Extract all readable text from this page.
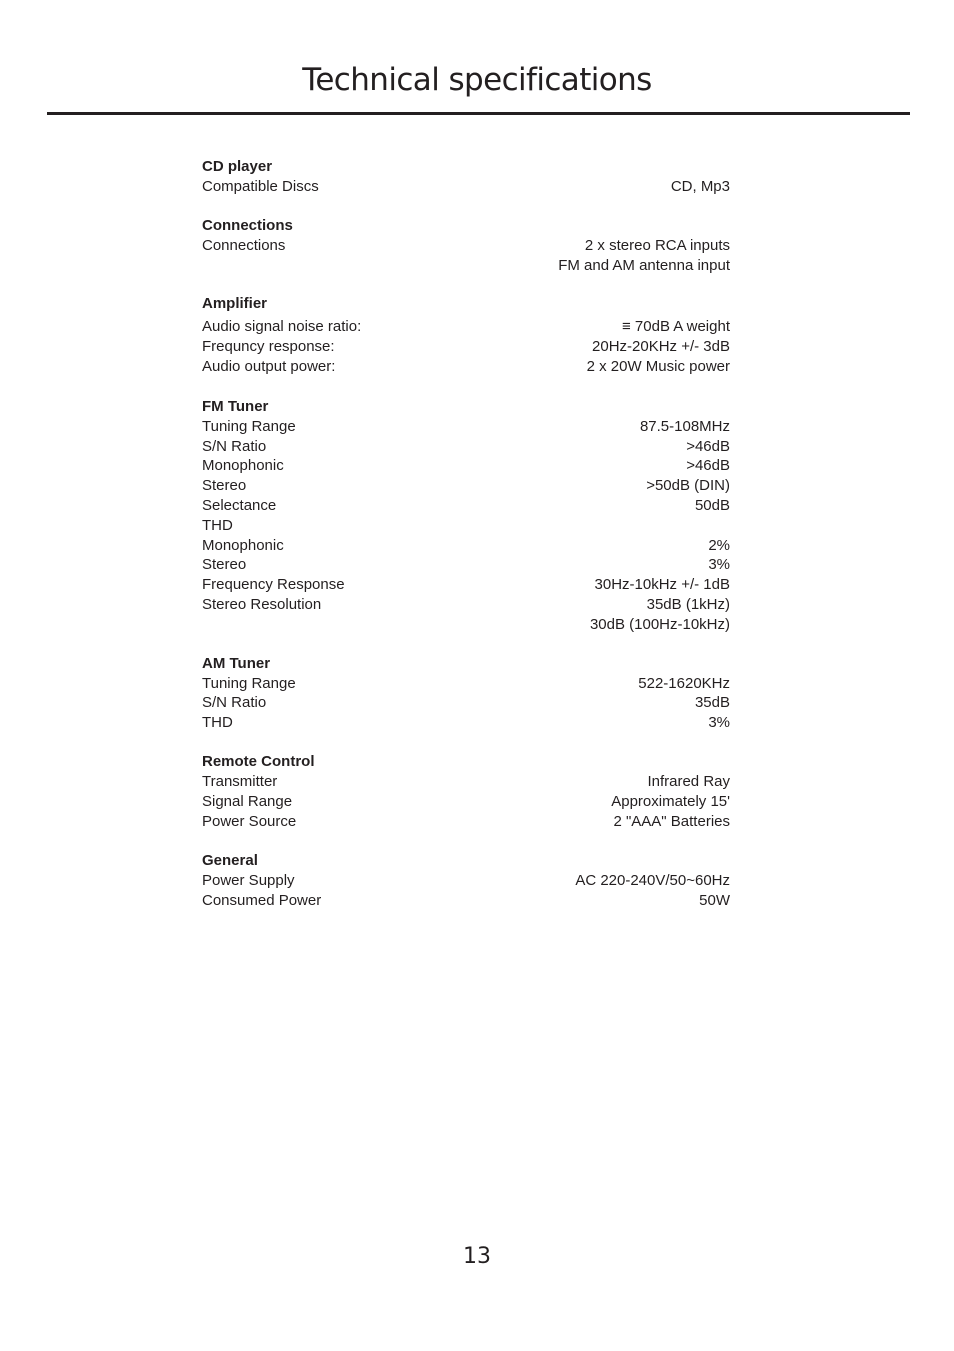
Technical specifications
CD player
Compatible Discs	CD, Mp3
Connections
Connections	2 x stereo RCA inputs
FM and AM antenna input
Amplifier
Audio signal noise ratio:	≡ 70dB A weight
Frequncy response:	20Hz-20KHz +/- 3dB
Audio output power:	2 x 20W Music power
FM Tuner
Tuning Range	87.5-108MHz
S/N Ratio	>46dB
Monophonic	>46dB
Stereo	>50dB (DIN)
Selectance	50dB
THD
Monophonic	2%
Stereo	3%
Frequency Response	30Hz-10kHz +/- 1dB
Stereo Resolution	35dB (1kHz)
30dB (100Hz-10kHz)
AM Tuner
Tuning Range	522-1620KHz
S/N Ratio	35dB
THD	3%
Remote Control
Transmitter	Infrared Ray
Signal Range	Approximately 15'
Power Source	2 "AAA" Batteries
General
Power Supply	AC 220-240V/50~60Hz
Consumed Power	50W
13
